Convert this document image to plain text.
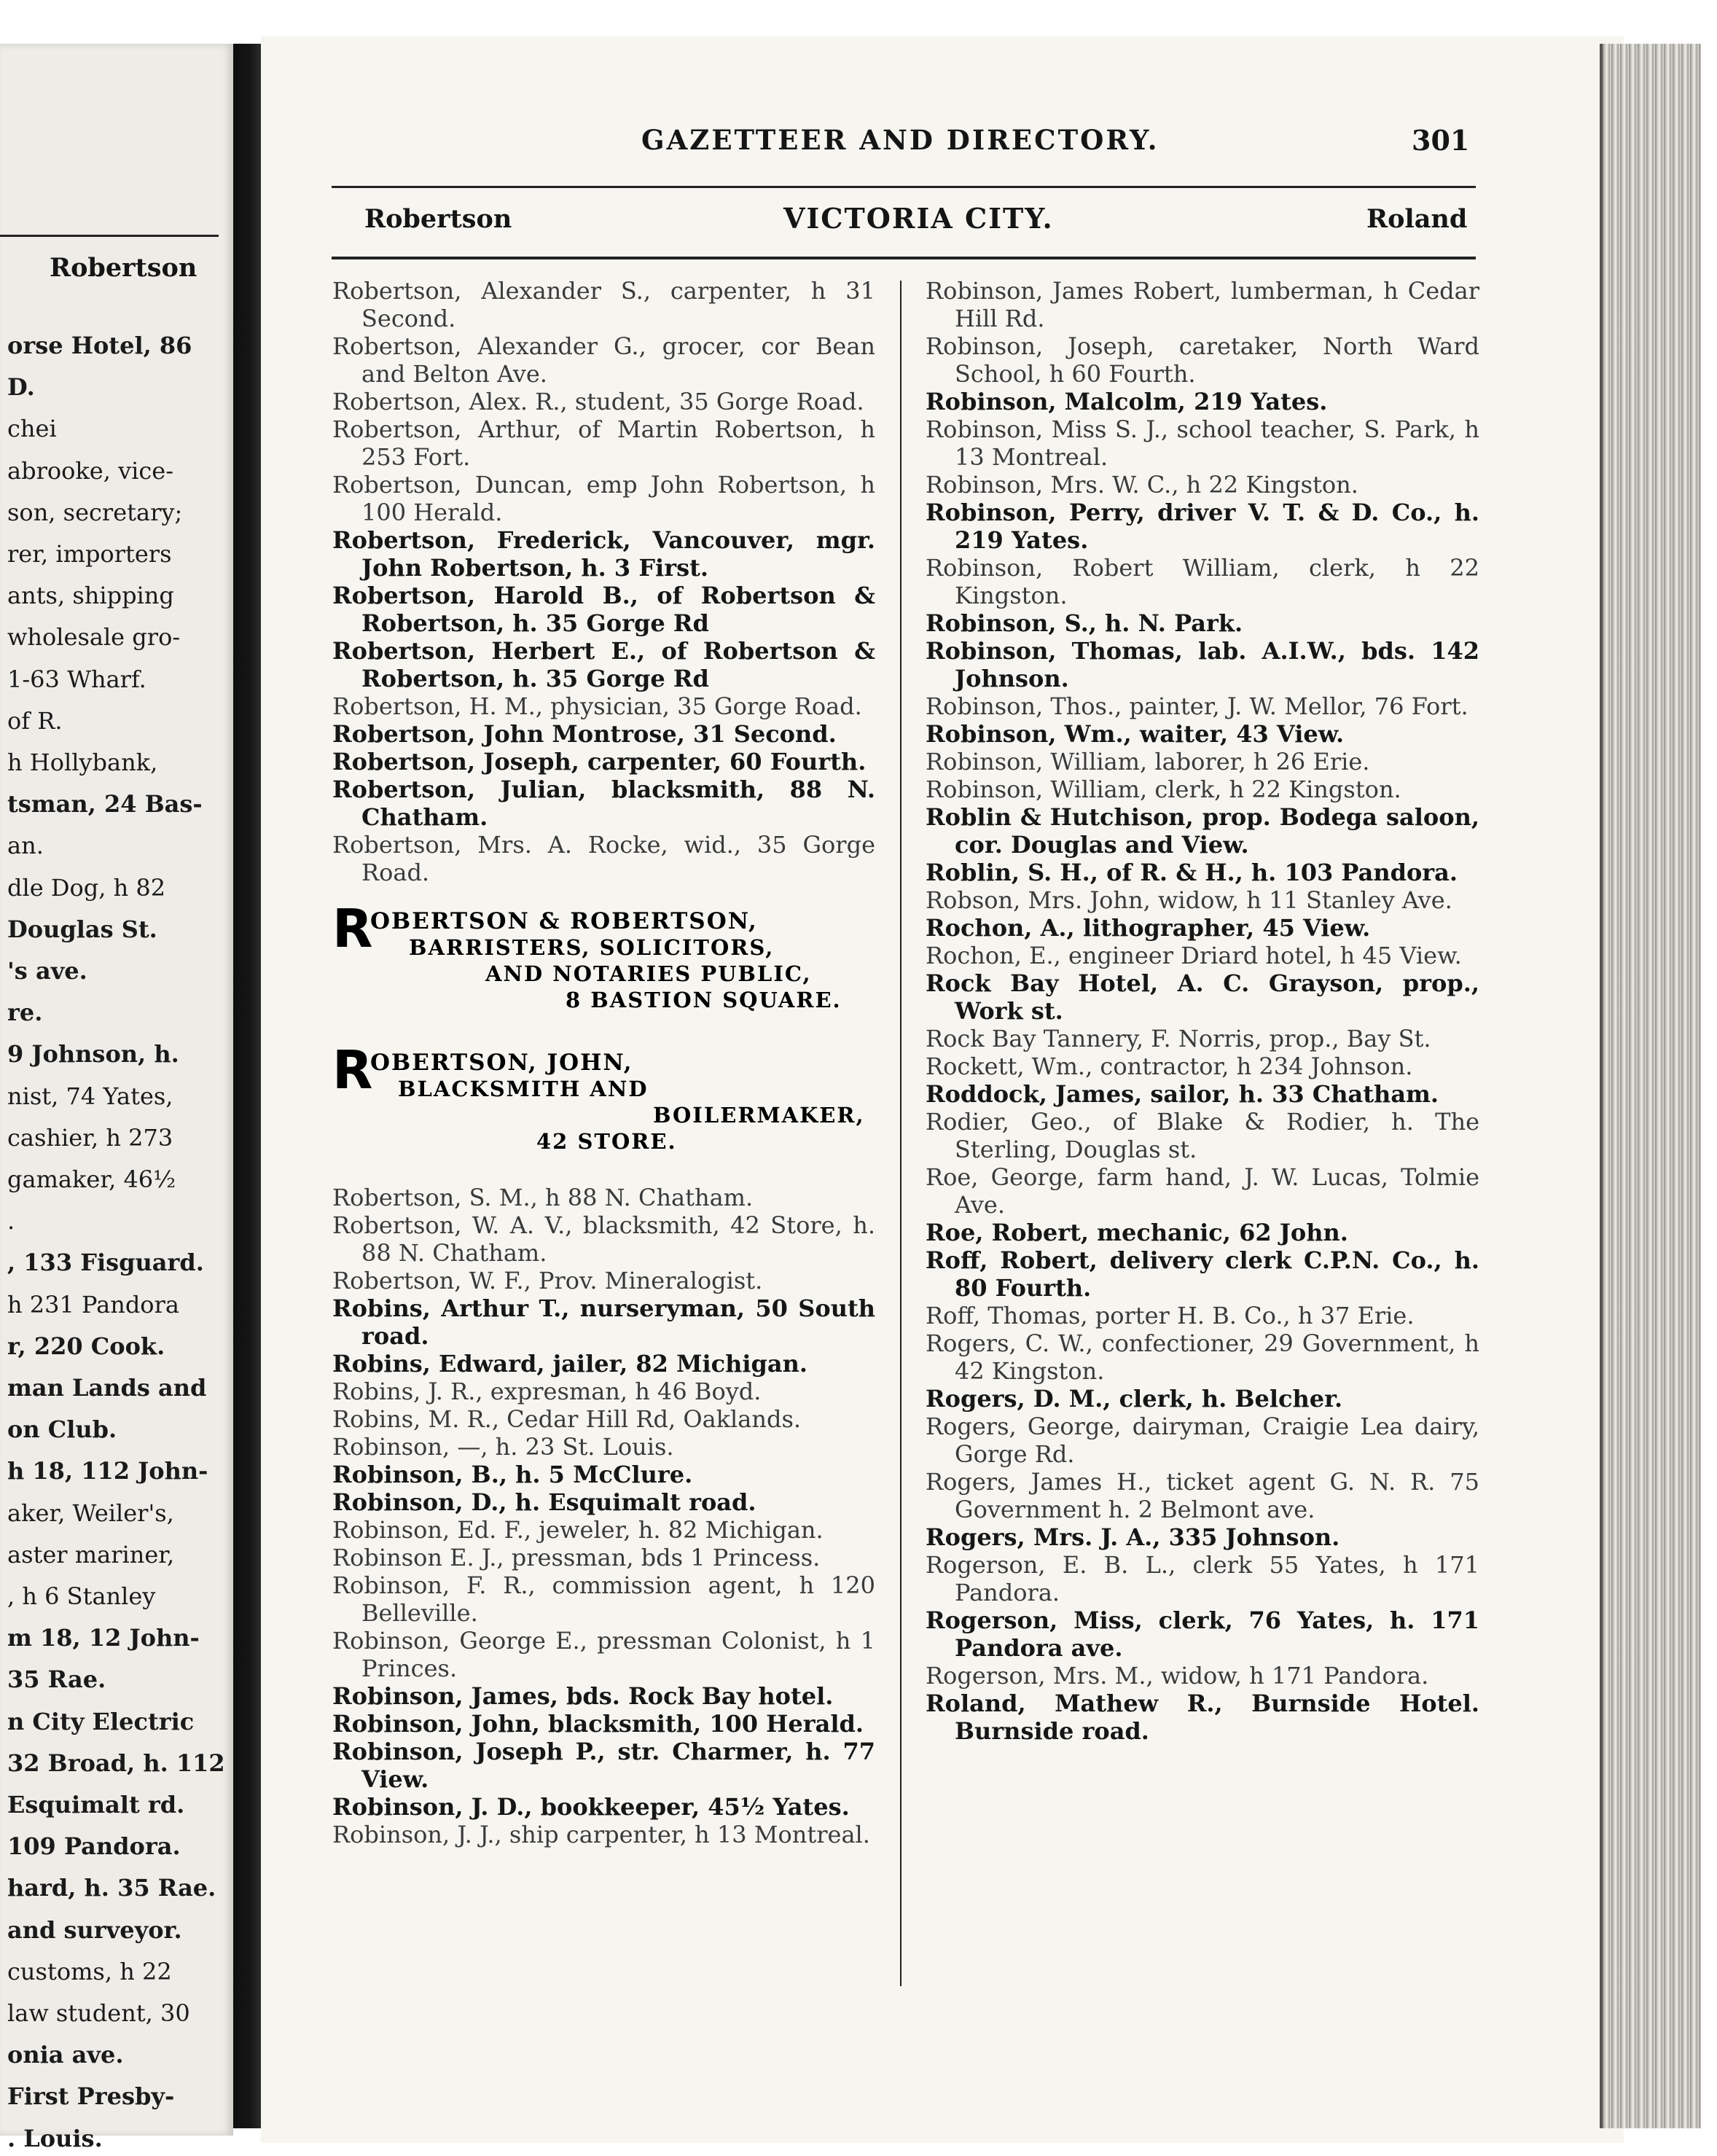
Robertson
orse Hotel, 86
D.
chei
abrooke, vice-
son, secretary;
rer, importers
ants, shipping
wholesale gro-
1-63 Wharf.
of R.
h Hollybank,
tsman, 24 Bas-
an.
dle Dog, h 82
Douglas St.
's ave.
re.
9 Johnson, h.
nist, 74 Yates,
cashier, h 273
gamaker, 46½
.
, 133 Fisguard.
h 231 Pandora
r, 220 Cook.
man Lands and
on Club.
h 18, 112 John-
aker, Weiler's,
aster mariner,
, h 6 Stanley
m 18, 12 John-
35 Rae.
n City Electric
32 Broad, h. 112
Esquimalt rd.
109 Pandora.
hard, h. 35 Rae.
and surveyor.
customs, h 22
law student, 30
onia ave.
First Presby-
. Louis.
GAZETTEER AND DIRECTORY.	301
Robertson	VICTORIA CITY.	Roland

Robertson, Alexander S., carpenter, h 31 Second.

Robertson, Alexander G., grocer, cor Bean and Belton Ave.

Robertson, Alex. R., student, 35 Gorge Road.

Robertson, Arthur, of Martin Robertson, h 253 Fort.

Robertson, Duncan, emp John Robertson, h 100 Herald.

Robertson, Frederick, Vancouver, mgr. John Robertson, h. 3 First.

Robertson, Harold B., of Robertson & Robertson, h. 35 Gorge Rd

Robertson, Herbert E., of Robertson & Robertson, h. 35 Gorge Rd

Robertson, H. M., physician, 35 Gorge Road.

Robertson, John Montrose, 31 Second.

Robertson, Joseph, carpenter, 60 Fourth.

Robertson, Julian, blacksmith, 88 N. Chatham.

Robertson, Mrs. A. Rocke, wid., 35 Gorge Road.

R
OBERTSON & ROBERTSON,
BARRISTERS, SOLICITORS,
AND NOTARIES PUBLIC,
8 BASTION SQUARE.
R
OBERTSON, JOHN,
BLACKSMITH AND
BOILERMAKER,
42 STORE.

Robertson, S. M., h 88 N. Chatham.

Robertson, W. A. V., blacksmith, 42 Store, h. 88 N. Chatham.

Robertson, W. F., Prov. Mineralogist.

Robins, Arthur T., nurseryman, 50 South road.

Robins, Edward, jailer, 82 Michigan.

Robins, J. R., expresman, h 46 Boyd.

Robins, M. R., Cedar Hill Rd, Oaklands.

Robinson, —, h. 23 St. Louis.

Robinson, B., h. 5 McClure.

Robinson, D., h. Esquimalt road.

Robinson, Ed. F., jeweler, h. 82 Michigan.

Robinson E. J., pressman, bds 1 Princess.

Robinson, F. R., commission agent, h 120 Belleville.

Robinson, George E., pressman Colonist, h 1 Princes.

Robinson, James, bds. Rock Bay hotel.

Robinson, John, blacksmith, 100 Herald.

Robinson, Joseph P., str. Charmer, h. 77 View.

Robinson, J. D., bookkeeper, 45½ Yates.

Robinson, J. J., ship carpenter, h 13 Montreal.

Robinson, James Robert, lumberman, h Cedar Hill Rd.

Robinson, Joseph, caretaker, North Ward School, h 60 Fourth.

Robinson, Malcolm, 219 Yates.

Robinson, Miss S. J., school teacher, S. Park, h 13 Montreal.

Robinson, Mrs. W. C., h 22 Kingston.

Robinson, Perry, driver V. T. & D. Co., h. 219 Yates.

Robinson, Robert William, clerk, h 22 Kingston.

Robinson, S., h. N. Park.

Robinson, Thomas, lab. A.I.W., bds. 142 Johnson.

Robinson, Thos., painter, J. W. Mellor, 76 Fort.

Robinson, Wm., waiter, 43 View.

Robinson, William, laborer, h 26 Erie.

Robinson, William, clerk, h 22 Kingston.

Roblin & Hutchison, prop. Bodega saloon, cor. Douglas and View.

Roblin, S. H., of R. & H., h. 103 Pandora.

Robson, Mrs. John, widow, h 11 Stanley Ave.

Rochon, A., lithographer, 45 View.

Rochon, E., engineer Driard hotel, h 45 View.

Rock Bay Hotel, A. C. Grayson, prop., Work st.

Rock Bay Tannery, F. Norris, prop., Bay St.

Rockett, Wm., contractor, h 234 Johnson.

Roddock, James, sailor, h. 33 Chatham.

Rodier, Geo., of Blake & Rodier, h. The Sterling, Douglas st.

Roe, George, farm hand, J. W. Lucas, Tolmie Ave.

Roe, Robert, mechanic, 62 John.

Roff, Robert, delivery clerk C.P.N. Co., h. 80 Fourth.

Roff, Thomas, porter H. B. Co., h 37 Erie.

Rogers, C. W., confectioner, 29 Government, h 42 Kingston.

Rogers, D. M., clerk, h. Belcher.

Rogers, George, dairyman, Craigie Lea dairy, Gorge Rd.

Rogers, James H., ticket agent G. N. R. 75 Government h. 2 Belmont ave.

Rogers, Mrs. J. A., 335 Johnson.

Rogerson, E. B. L., clerk 55 Yates, h 171 Pandora.

Rogerson, Miss, clerk, 76 Yates, h. 171 Pandora ave.

Rogerson, Mrs. M., widow, h 171 Pandora.

Roland, Mathew R., Burnside Hotel. Burnside road.
